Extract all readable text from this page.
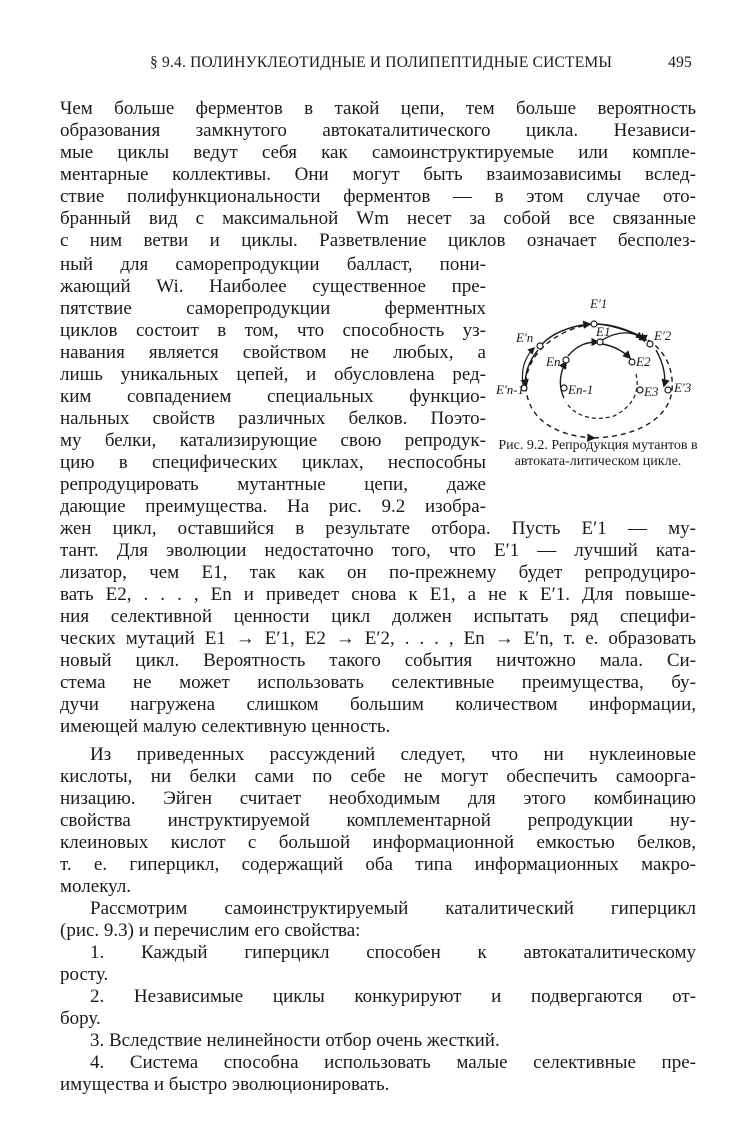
§ 9.4. ПОЛИНУКЛЕОТИДНЫЕ И ПОЛИПЕПТИДНЫЕ СИСТЕМЫ	495
Чем больше ферментов в такой цепи, тем больше вероятность
образования замкнутого автокаталитического цикла. Независи-
мые циклы ведут себя как самоинструктируемые или компле-
ментарные коллективы. Они могут быть взаимозависимы вслед-
ствие полифункциональности ферментов — в этом случае ото-
бранный вид с максимальной Wm несет за собой все связанные
с ним ветви и циклы. Разветвление циклов означает бесполез-
ный для саморепродукции балласт, пони-
жающий Wi. Наиболее существенное пре-
пятствие саморепродукции ферментных
циклов состоит в том, что способность уз-
навания является свойством не любых, а
лишь уникальных цепей, и обусловлена ред-
ким совпадением специальных функцио-
нальных свойств различных белков. Поэто-
му белки, катализирующие свою репродук-
цию в специфических циклах, неспособны
репродуцировать мутантные цепи, даже
дающие преимущества. На рис. 9.2 изобра-
E′1
E′n	E′2
E1
En	E2
E′n-1	En-1	E3 E′3
Рис. 9.2. Репродукция мутантов в автоката-литическом цикле.
жен цикл, оставшийся в результате отбора. Пусть E′1 — му-
тант. Для эволюции недостаточно того, что E′1 — лучший ката-
лизатор, чем E1, так как он по-прежнему будет репродуциро-
вать E2, . . . , En и приведет снова к E1, а не к E′1. Для повыше-
ния селективной ценности цикл должен испытать ряд специфи-
ческих мутаций E1 → E′1, E2 → E′2, . . . , En → E′n, т. е. образовать
новый цикл. Вероятность такого события ничтожно мала. Си-
стема не может использовать селективные преимущества, бу-
дучи нагружена слишком большим количеством информации,
имеющей малую селективную ценность.
Из приведенных рассуждений следует, что ни нуклеиновые
кислоты, ни белки сами по себе не могут обеспечить самоорга-
низацию. Эйген считает необходимым для этого комбинацию
свойства инструктируемой комплементарной репродукции ну-
клеиновых кислот с большой информационной емкостью белков,
т. е. гиперцикл, содержащий оба типа информационных макро-
молекул.
Рассмотрим самоинструктируемый каталитический гиперцикл
(рис. 9.3) и перечислим его свойства:
1. Каждый гиперцикл способен к автокаталитическому
росту.
2. Независимые циклы конкурируют и подвергаются от-
бору.
3. Вследствие нелинейности отбор очень жесткий.
4. Система способна использовать малые селективные пре-
имущества и быстро эволюционировать.
